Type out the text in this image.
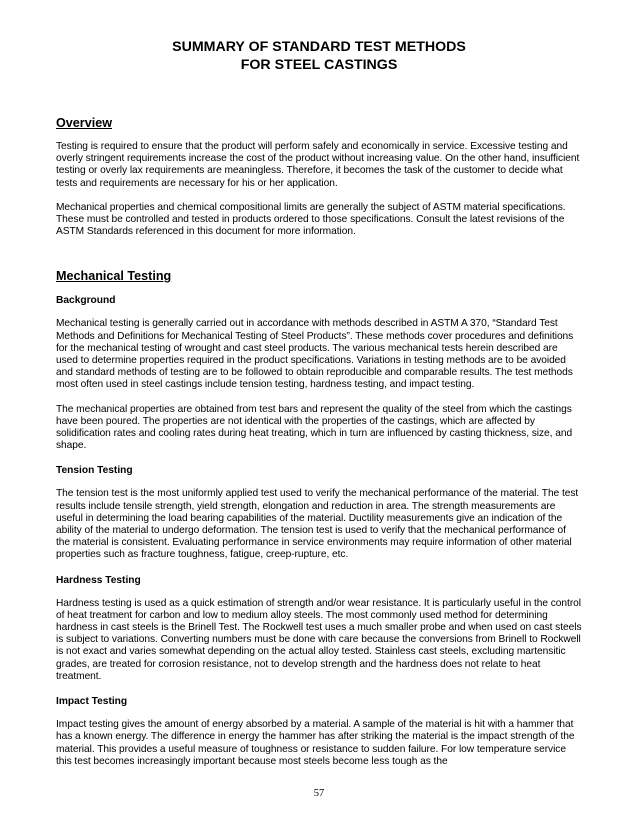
SUMMARY OF STANDARD TEST METHODS
FOR STEEL CASTINGS
Overview

Testing is required to ensure that the product will perform safely and economically in service. Excessive testing and overly stringent requirements increase the cost of the product without increasing value. On the other hand, insufficient testing or overly lax requirements are meaningless. Therefore, it becomes the task of the customer to decide what tests and requirements are necessary for his or her application.

Mechanical properties and chemical compositional limits are generally the subject of ASTM material specifications. These must be controlled and tested in products ordered to those specifications. Consult the latest revisions of the ASTM Standards referenced in this document for more information.

Mechanical Testing
Background

Mechanical testing is generally carried out in accordance with methods described in ASTM A 370, “Standard Test Methods and Definitions for Mechanical Testing of Steel Products”. These methods cover procedures and definitions for the mechanical testing of wrought and cast steel products. The various mechanical tests herein described are used to determine properties required in the product specifications. Variations in testing methods are to be avoided and standard methods of testing are to be followed to obtain reproducible and comparable results. The test methods most often used in steel castings include tension testing, hardness testing, and impact testing.

The mechanical properties are obtained from test bars and represent the quality of the steel from which the castings have been poured. The properties are not identical with the properties of the castings, which are affected by solidification rates and cooling rates during heat treating, which in turn are influenced by casting thickness, size, and shape.

Tension Testing

The tension test is the most uniformly applied test used to verify the mechanical performance of the material. The test results include tensile strength, yield strength, elongation and reduction in area. The strength measurements are useful in determining the load bearing capabilities of the material. Ductility measurements give an indication of the ability of the material to undergo deformation. The tension test is used to verify that the mechanical performance of the material is consistent. Evaluating performance in service environments may require information of other material properties such as fracture toughness, fatigue, creep-rupture, etc.

Hardness Testing

Hardness testing is used as a quick estimation of strength and/or wear resistance. It is particularly useful in the control of heat treatment for carbon and low to medium alloy steels. The most commonly used method for determining hardness in cast steels is the Brinell Test. The Rockwell test uses a much smaller probe and when used on cast steels is subject to variations. Converting numbers must be done with care because the conversions from Brinell to Rockwell is not exact and varies somewhat depending on the actual alloy tested. Stainless cast steels, excluding martensitic grades, are treated for corrosion resistance, not to develop strength and the hardness does not relate to heat treatment.

Impact Testing

Impact testing gives the amount of energy absorbed by a material. A sample of the material is hit with a hammer that has a known energy. The difference in energy the hammer has after striking the material is the impact strength of the material. This provides a useful measure of toughness or resistance to sudden failure. For low temperature service this test becomes increasingly important because most steels become less tough as the

57
